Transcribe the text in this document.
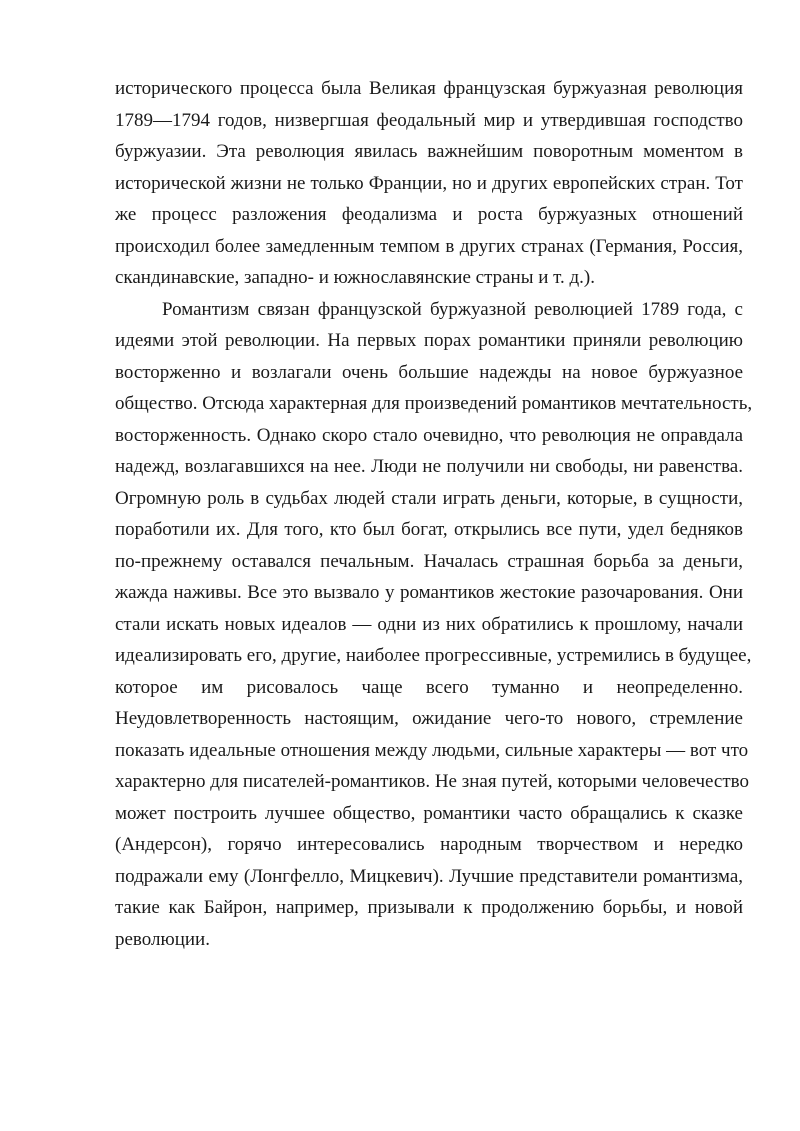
исторического процесса была Великая французская буржуазная революция
1789—1794 годов, низвергшая феодальный мир и утвердившая господство
буржуазии. Эта революция явилась важнейшим поворотным моментом в
исторической жизни не только Франции, но и других европейских стран. Тот
же процесс разложения феодализма и роста буржуазных отношений
происходил более замедленным темпом в других странах (Германия, Россия,
скандинавские, западно- и южнославянские страны и т. д.).
Романтизм связан французской буржуазной революцией 1789 года, с
идеями этой революции. На первых порах романтики приняли революцию
восторженно и возлагали очень большие надежды на новое буржуазное
общество. Отсюда характерная для произведений романтиков мечтательность,
восторженность. Однако скоро стало очевидно, что революция не оправдала
надежд, возлагавшихся на нее. Люди не получили ни свободы, ни равенства.
Огромную роль в судьбах людей стали играть деньги, которые, в сущности,
поработили их. Для того, кто был богат, открылись все пути, удел бедняков
по-прежнему оставался печальным. Началась страшная борьба за деньги,
жажда наживы. Все это вызвало у романтиков жестокие разочарования. Они
стали искать новых идеалов — одни из них обратились к прошлому, начали
идеализировать его, другие, наиболее прогрессивные, устремились в будущее,
которое им рисовалось чаще всего туманно и неопределенно.
Неудовлетворенность настоящим, ожидание чего-то нового, стремление
показать идеальные отношения между людьми, сильные характеры — вот что
характерно для писателей-романтиков. Не зная путей, которыми человечество
может построить лучшее общество, романтики часто обращались к сказке
(Андерсон), горячо интересовались народным творчеством и нередко
подражали ему (Лонгфелло, Мицкевич). Лучшие представители романтизма,
такие как Байрон, например, призывали к продолжению борьбы, и новой
революции.
